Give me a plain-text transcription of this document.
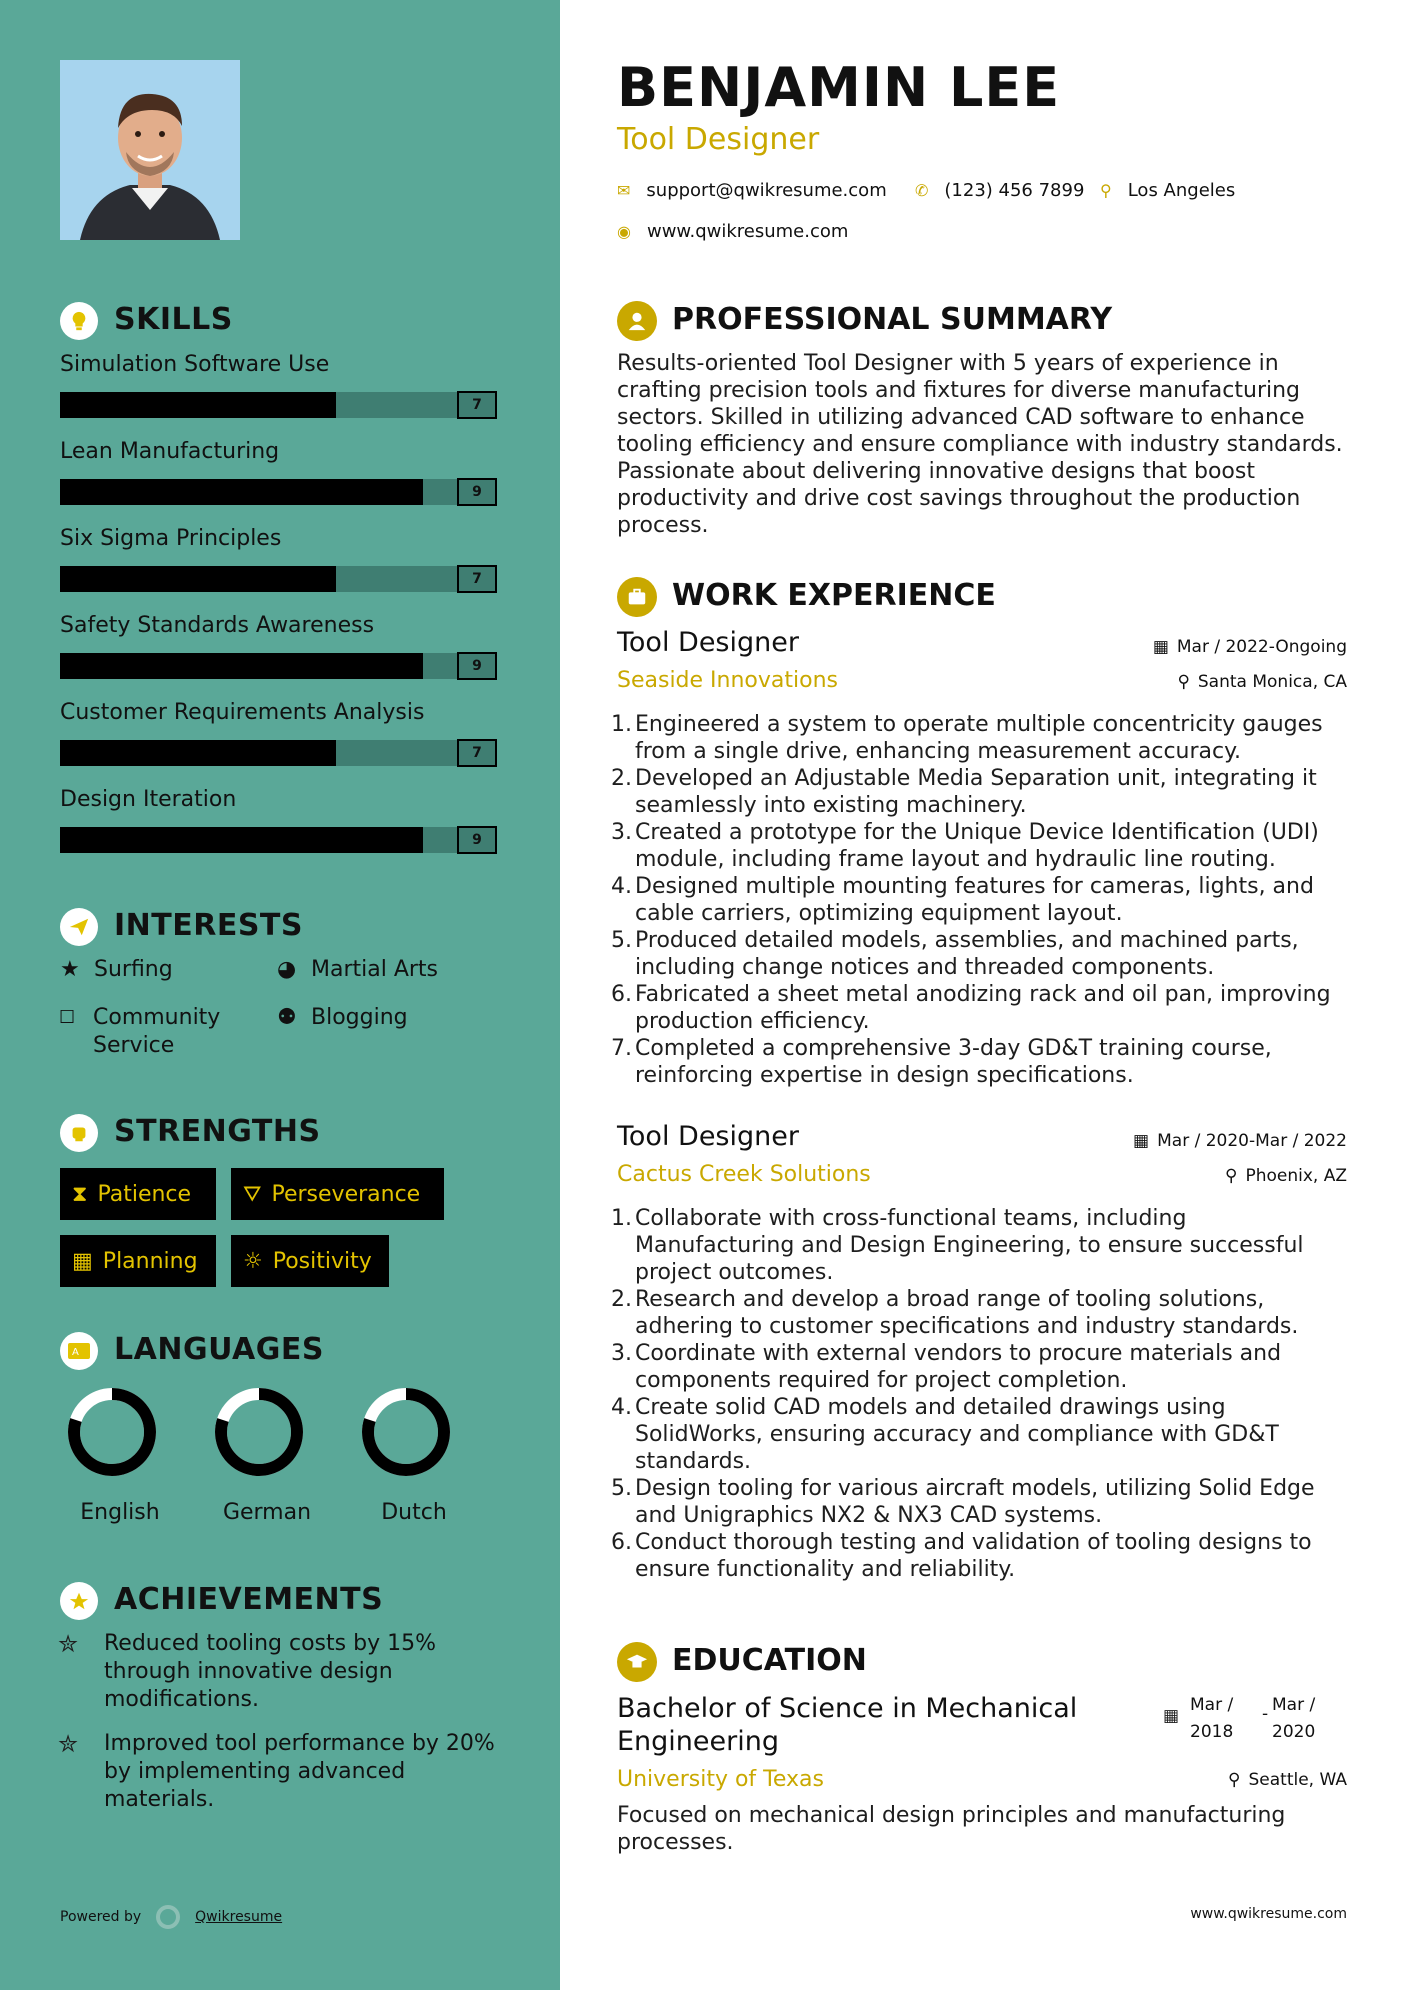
SKILLS
Simulation Software Use
7
Lean Manufacturing
9
Six Sigma Principles
7
Safety Standards Awareness
9
Customer Requirements Analysis
7
Design Iteration
9
INTERESTS
★ Surfing	◕ Martial Arts
☐ Community Service
⚉ Blogging
STRENGTHS
⧗ Patience ⛛ Perseverance
▦ Planning ☼ Positivity
A LANGUAGES
English	German	Dutch
ACHIEVEMENTS
✮ Reduced tooling costs by 15% through innovative design modifications.
✮ Improved tool performance by 20% by implementing advanced materials.
Powered by	Qwikresume
BENJAMIN LEE
Tool Designer
✉ support@qwikresume.com ✆ (123) 456 7899 ⚲ Los Angeles
◉ www.qwikresume.com
PROFESSIONAL SUMMARY
Results-oriented Tool Designer with 5 years of experience in crafting precision tools and fixtures for diverse manufacturing sectors. Skilled in utilizing advanced CAD software to enhance tooling efficiency and ensure compliance with industry standards. Passionate about delivering innovative designs that boost productivity and drive cost savings throughout the production process.
WORK EXPERIENCE
Tool Designer
Seaside Innovations
▦ Mar / 2022-Ongoing
⚲ Santa Monica, CA
1. Engineered a system to operate multiple concentricity gauges from a single drive, enhancing measurement accuracy.
2. Developed an Adjustable Media Separation unit, integrating it seamlessly into existing machinery.
3. Created a prototype for the Unique Device Identification (UDI) module, including frame layout and hydraulic line routing.
4. Designed multiple mounting features for cameras, lights, and cable carriers, optimizing equipment layout.
5. Produced detailed models, assemblies, and machined parts, including change notices and threaded components.
6. Fabricated a sheet metal anodizing rack and oil pan, improving production efficiency.
7. Completed a comprehensive 3-day GD&T training course, reinforcing expertise in design specifications.
Tool Designer
Cactus Creek Solutions
▦ Mar / 2020-Mar / 2022
⚲ Phoenix, AZ
1. Collaborate with cross-functional teams, including Manufacturing and Design Engineering, to ensure successful project outcomes.
2. Research and develop a broad range of tooling solutions, adhering to customer specifications and industry standards.
3. Coordinate with external vendors to procure materials and components required for project completion.
4. Create solid CAD models and detailed drawings using SolidWorks, ensuring accuracy and compliance with GD&T standards.
5. Design tooling for various aircraft models, utilizing Solid Edge and Unigraphics NX2 & NX3 CAD systems.
6. Conduct thorough testing and validation of tooling designs to ensure functionality and reliability.
EDUCATION
Bachelor of Science in Mechanical
Engineering
University of Texas
▦
Mar /
2018
- Mar /
2020
⚲ Seattle, WA
Focused on mechanical design principles and manufacturing processes.
www.qwikresume.com
